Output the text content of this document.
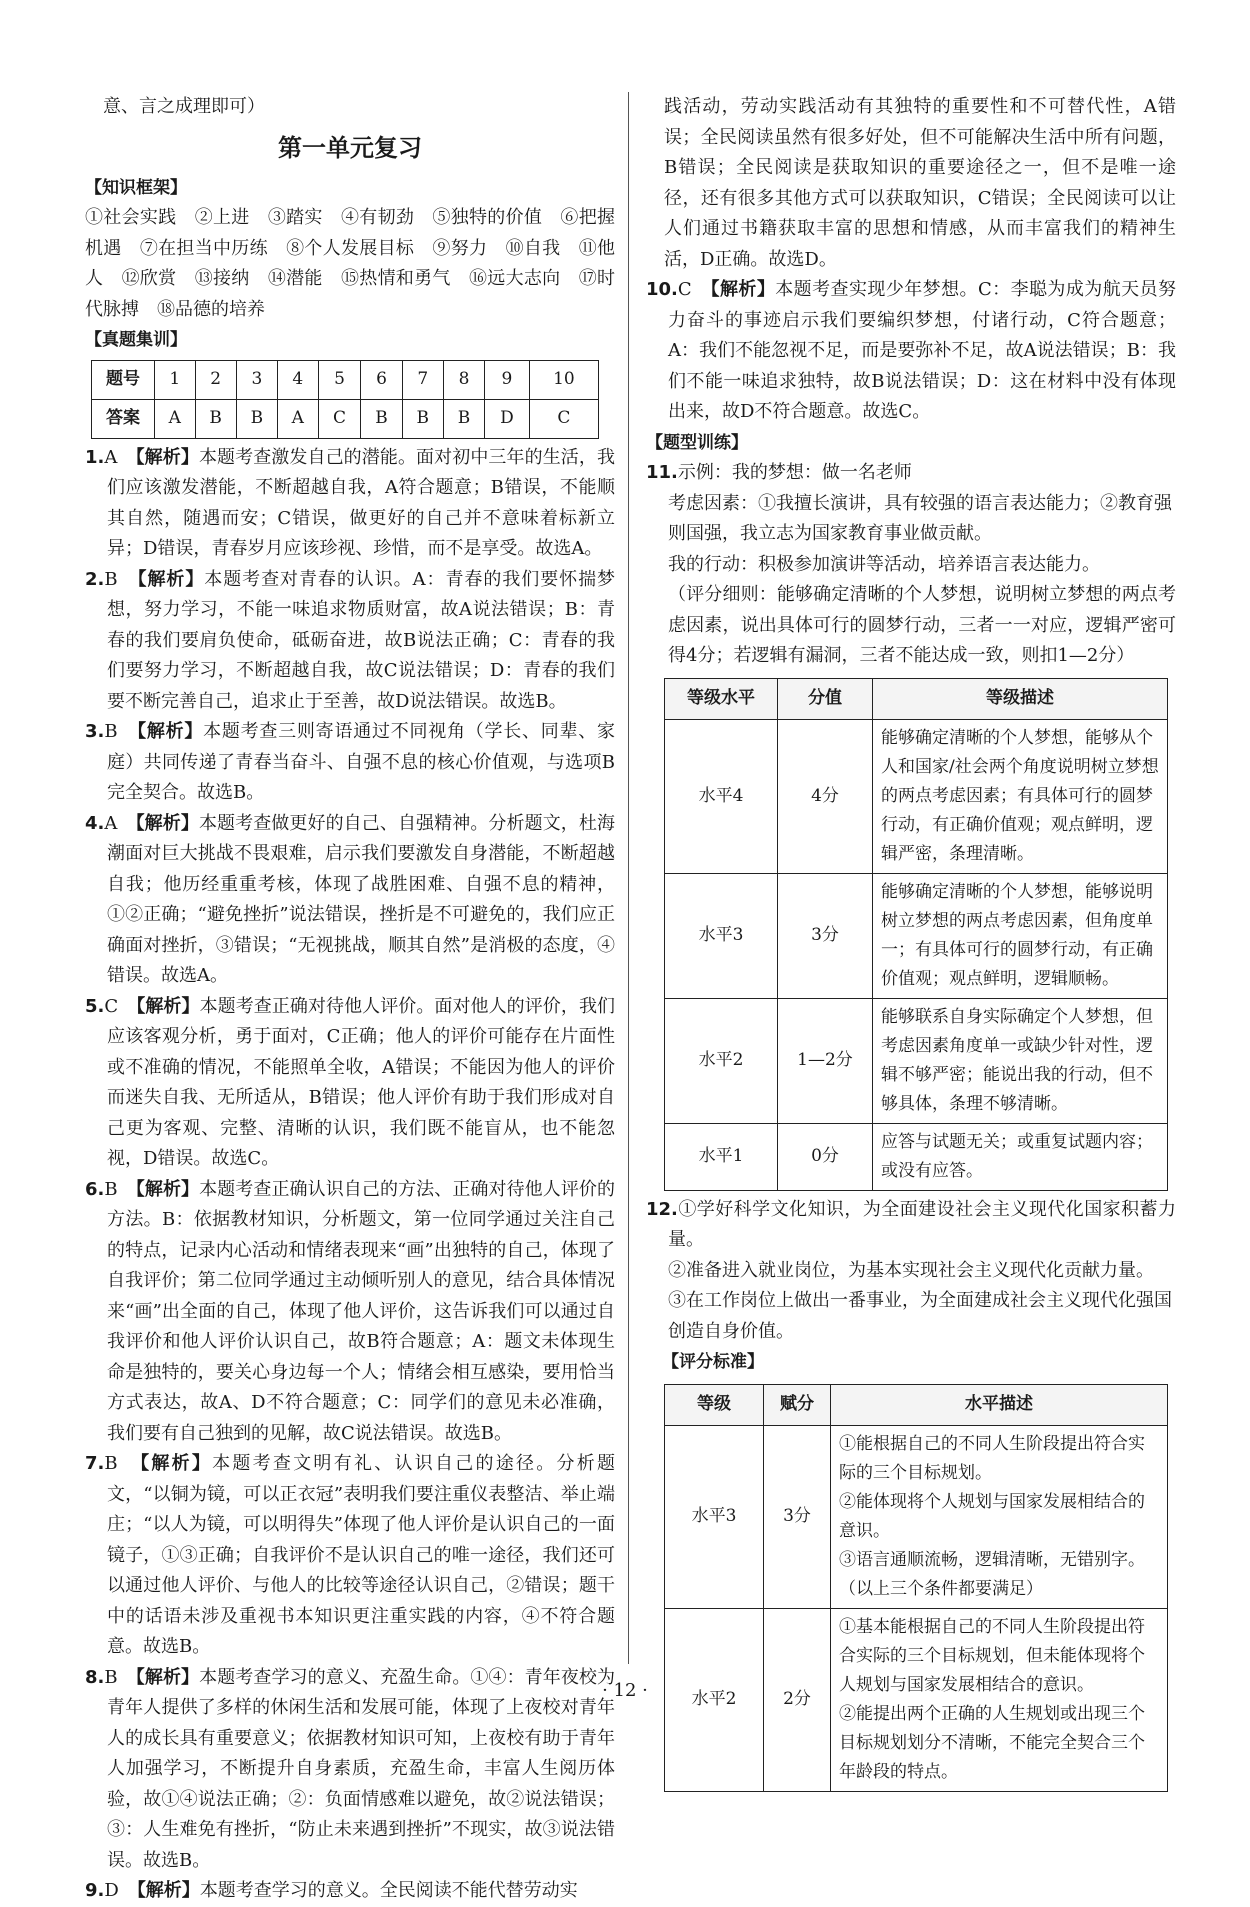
意、言之成理即可）

第一单元复习
【知识框架】

①社会实践　②上进　③踏实　④有韧劲　⑤独特的价值　⑥把握机遇　⑦在担当中历练　⑧个人发展目标　⑨努力　⑩自我　⑪他人　⑫欣赏　⑬接纳　⑭潜能　⑮热情和勇气　⑯远大志向　⑰时代脉搏　⑱品德的培养

【真题集训】
题号	1	2	3	4	5	6	7	8	9	10
答案	A	B	B	A	C	B	B	B	D	C

1.A　 【解析】本题考查激发自己的潜能。面对初中三年的生活，我们应该激发潜能，不断超越自我，A符合题意；B错误，不能顺其自然，随遇而安；C错误，做更好的自己并不意味着标新立异；D错误，青春岁月应该珍视、珍惜，而不是享受。故选A。

2.B　 【解析】本题考查对青春的认识。A：青春的我们要怀揣梦想，努力学习，不能一味追求物质财富，故A说法错误；B：青春的我们要肩负使命，砥砺奋进，故B说法正确；C：青春的我们要努力学习，不断超越自我，故C说法错误；D：青春的我们要不断完善自己，追求止于至善，故D说法错误。故选B。

3.B　 【解析】本题考查三则寄语通过不同视角（学长、同辈、家庭）共同传递了青春当奋斗、自强不息的核心价值观，与选项B完全契合。故选B。

4.A　 【解析】本题考查做更好的自己、自强精神。分析题文，杜海潮面对巨大挑战不畏艰难，启示我们要激发自身潜能，不断超越自我；他历经重重考核，体现了战胜困难、自强不息的精神，①②正确；“避免挫折”说法错误，挫折是不可避免的，我们应正确面对挫折，③错误；“无视挑战，顺其自然”是消极的态度，④错误。故选A。

5.C　 【解析】本题考查正确对待他人评价。面对他人的评价，我们应该客观分析，勇于面对，C正确；他人的评价可能存在片面性或不准确的情况，不能照单全收，A错误；不能因为他人的评价而迷失自我、无所适从，B错误；他人评价有助于我们形成对自己更为客观、完整、清晰的认识，我们既不能盲从，也不能忽视，D错误。故选C。

6.B　 【解析】本题考查正确认识自己的方法、正确对待他人评价的方法。B：依据教材知识，分析题文，第一位同学通过关注自己的特点，记录内心活动和情绪表现来“画”出独特的自己，体现了自我评价；第二位同学通过主动倾听别人的意见，结合具体情况来“画”出全面的自己，体现了他人评价，这告诉我们可以通过自我评价和他人评价认识自己，故B符合题意；A：题文未体现生命是独特的，要关心身边每一个人；情绪会相互感染，要用恰当方式表达，故A、D不符合题意；C：同学们的意见未必准确，我们要有自己独到的见解，故C说法错误。故选B。

7.B　 【解析】本题考查文明有礼、认识自己的途径。分析题文，“以铜为镜，可以正衣冠”表明我们要注重仪表整洁、举止端庄；“以人为镜，可以明得失”体现了他人评价是认识自己的一面镜子，①③正确；自我评价不是认识自己的唯一途径，我们还可以通过他人评价、与他人的比较等途径认识自己，②错误；题干中的话语未涉及重视书本知识更注重实践的内容，④不符合题意。故选B。

8.B　 【解析】本题考查学习的意义、充盈生命。①④：青年夜校为青年人提供了多样的休闲生活和发展可能，体现了上夜校对青年人的成长具有重要意义；依据教材知识可知，上夜校有助于青年人加强学习，不断提升自身素质，充盈生命，丰富人生阅历体验，故①④说法正确；②：负面情感难以避免，故②说法错误；③：人生难免有挫折，“防止未来遇到挫折”不现实，故③说法错误。故选B。

9.D　 【解析】本题考查学习的意义。全民阅读不能代替劳动实

践活动，劳动实践活动有其独特的重要性和不可替代性，A错误；全民阅读虽然有很多好处，但不可能解决生活中所有问题，B错误；全民阅读是获取知识的重要途径之一，但不是唯一途径，还有很多其他方式可以获取知识，C错误；全民阅读可以让人们通过书籍获取丰富的思想和情感，从而丰富我们的精神生活，D正确。故选D。

10.C　 【解析】本题考查实现少年梦想。C：李聪为成为航天员努力奋斗的事迹启示我们要编织梦想，付诸行动，C符合题意；A：我们不能忽视不足，而是要弥补不足，故A说法错误；B：我们不能一味追求独特，故B说法错误；D：这在材料中没有体现出来，故D不符合题意。故选C。

【题型训练】

11.示例：我的梦想：做一名老师

考虑因素：①我擅长演讲，具有较强的语言表达能力；②教育强则国强，我立志为国家教育事业做贡献。

我的行动：积极参加演讲等活动，培养语言表达能力。

（评分细则：能够确定清晰的个人梦想，说明树立梦想的两点考虑因素，说出具体可行的圆梦行动，三者一一对应，逻辑严密可得4分；若逻辑有漏洞，三者不能达成一致，则扣1—2分）

等级水平	分值	等级描述
水平4	4分	能够确定清晰的个人梦想，能够从个人和国家/社会两个角度说明树立梦想的两点考虑因素；有具体可行的圆梦行动，有正确价值观；观点鲜明，逻辑严密，条理清晰。
水平3	3分	能够确定清晰的个人梦想，能够说明树立梦想的两点考虑因素，但角度单一；有具体可行的圆梦行动，有正确价值观；观点鲜明，逻辑顺畅。
水平2	1—2分	能够联系自身实际确定个人梦想，但考虑因素角度单一或缺少针对性，逻辑不够严密；能说出我的行动，但不够具体，条理不够清晰。
水平1	0分	应答与试题无关；或重复试题内容；或没有应答。

12.①学好科学文化知识，为全面建设社会主义现代化国家积蓄力量。

②准备进入就业岗位，为基本实现社会主义现代化贡献力量。

③在工作岗位上做出一番事业，为全面建成社会主义现代化强国创造自身价值。

【评分标准】
等级	赋分	水平描述
水平3	3分	①能根据自己的不同人生阶段提出符合实际的三个目标规划。
②能体现将个人规划与国家发展相结合的意识。
③语言通顺流畅，逻辑清晰，无错别字。
（以上三个条件都要满足）

水平2	2分	①基本能根据自己的不同人生阶段提出符合实际的三个目标规划，但未能体现将个人规划与国家发展相结合的意识。
②能提出两个正确的人生规划或出现三个目标规划划分不清晰，不能完全契合三个年龄段的特点。
· 12 ·
